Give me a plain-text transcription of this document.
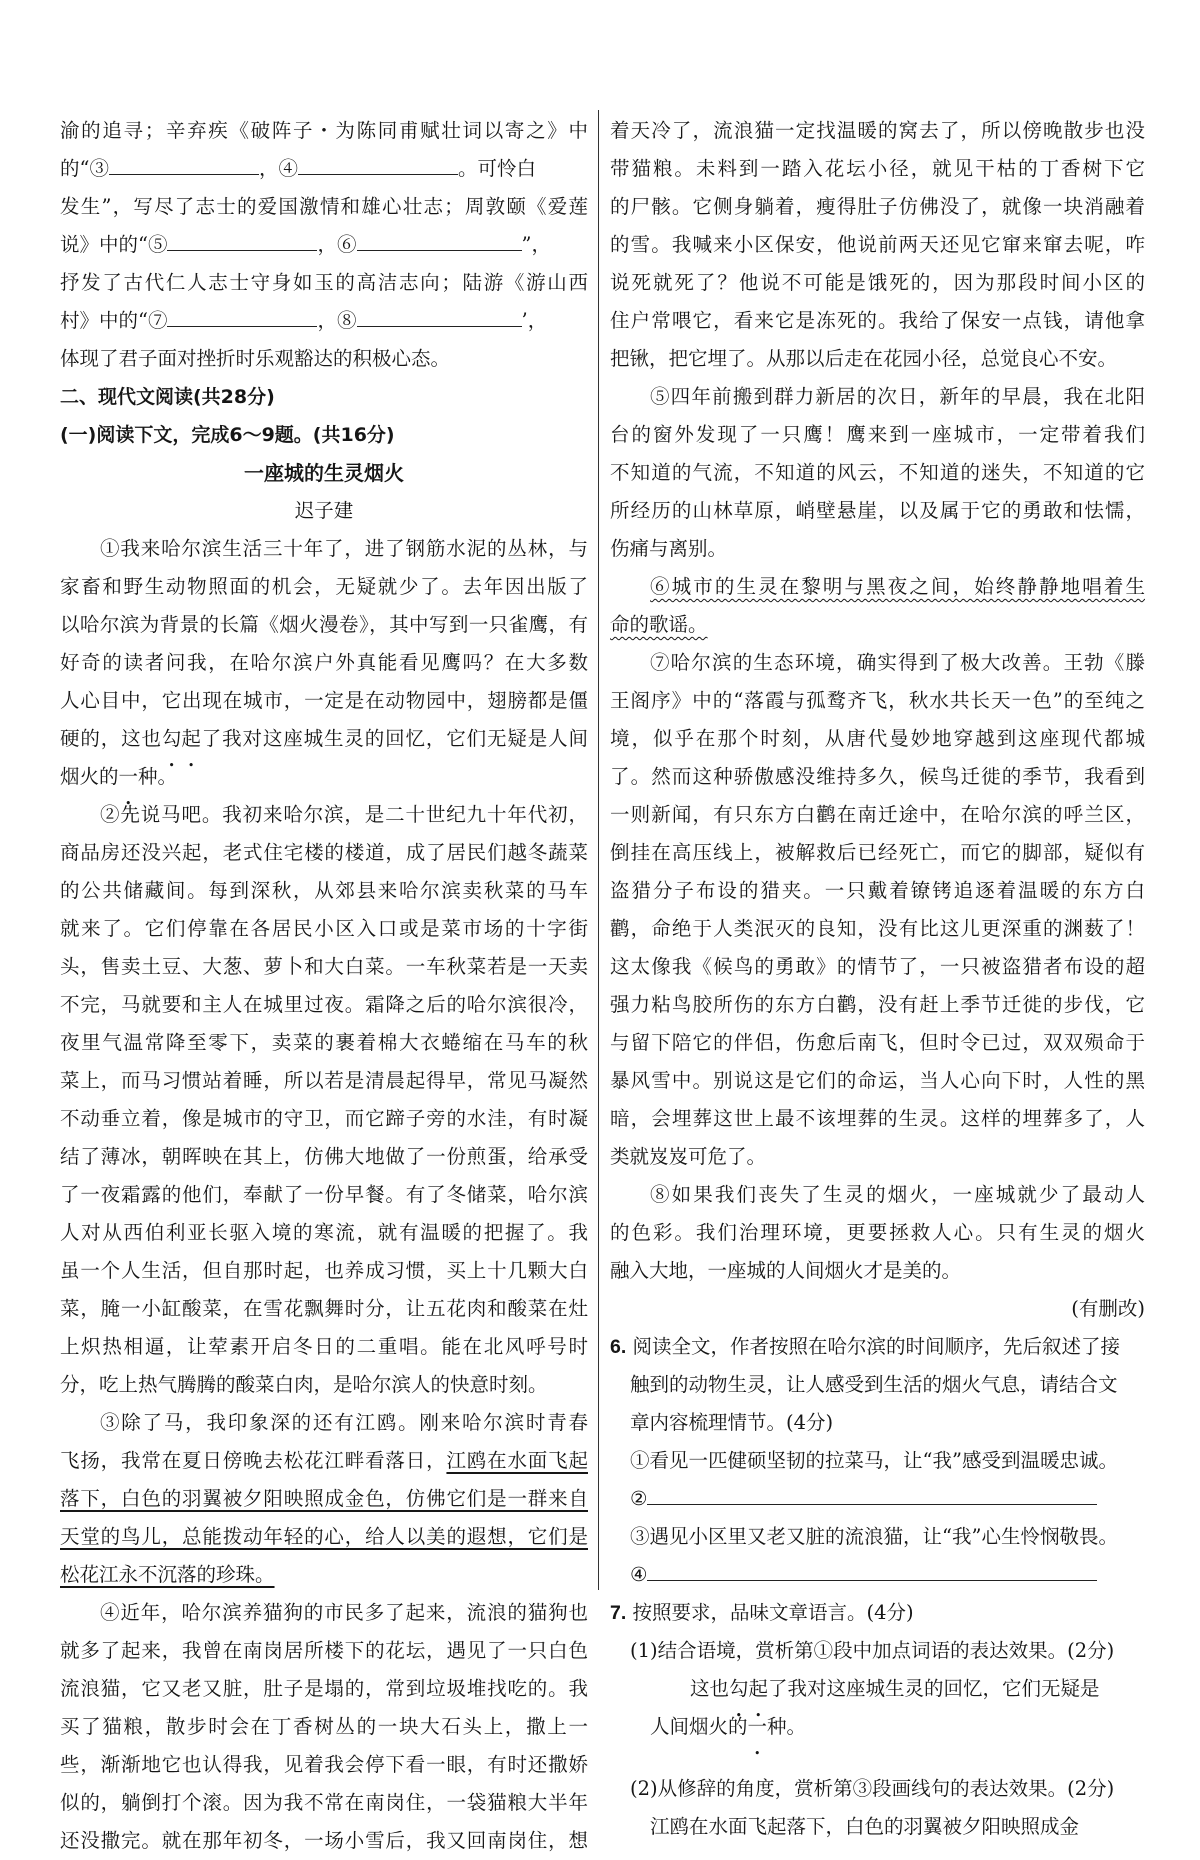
渝的追寻；辛弃疾《破阵子・为陈同甫赋壮词以寄之》中
的“③	，④	。可怜白
发生”，写尽了志士的爱国激情和雄心壮志；周敦颐《爱莲
说》中的“⑤	，⑥	”，
抒发了古代仁人志士守身如玉的高洁志向；陆游《游山西
村》中的“⑦	，⑧	’，
体现了君子面对挫折时乐观豁达的积极心态。
二、现代文阅读(共28分)
(一)阅读下文，完成6～9题。(共16分)
一座城的生灵烟火
迟子建
①我来哈尔滨生活三十年了，进了钢筋水泥的丛林，与
家畜和野生动物照面的机会，无疑就少了。去年因出版了
以哈尔滨为背景的长篇《烟火漫卷》，其中写到一只雀鹰，有
好奇的读者问我，在哈尔滨户外真能看见鹰吗？在大多数
人心目中，它出现在城市，一定是在动物园中，翅膀都是僵
硬的，这也勾起了我对这座城生灵的回忆，它们无疑是人间
烟火的一种。
②先说马吧。我初来哈尔滨，是二十世纪九十年代初，
商品房还没兴起，老式住宅楼的楼道，成了居民们越冬蔬菜
的公共储藏间。每到深秋，从郊县来哈尔滨卖秋菜的马车
就来了。它们停靠在各居民小区入口或是菜市场的十字街
头，售卖土豆、大葱、萝卜和大白菜。一车秋菜若是一天卖
不完，马就要和主人在城里过夜。霜降之后的哈尔滨很冷，
夜里气温常降至零下，卖菜的裹着棉大衣蜷缩在马车的秋
菜上，而马习惯站着睡，所以若是清晨起得早，常见马凝然
不动垂立着，像是城市的守卫，而它蹄子旁的水洼，有时凝
结了薄冰，朝晖映在其上，仿佛大地做了一份煎蛋，给承受
了一夜霜露的他们，奉献了一份早餐。有了冬储菜，哈尔滨
人对从西伯利亚长驱入境的寒流，就有温暖的把握了。我
虽一个人生活，但自那时起，也养成习惯，买上十几颗大白
菜，腌一小缸酸菜，在雪花飘舞时分，让五花肉和酸菜在灶
上炽热相逼，让荤素开启冬日的二重唱。能在北风呼号时
分，吃上热气腾腾的酸菜白肉，是哈尔滨人的快意时刻。
③除了马，我印象深的还有江鸥。刚来哈尔滨时青春
飞扬，我常在夏日傍晚去松花江畔看落日，江鸥在水面飞起
落下，白色的羽翼被夕阳映照成金色，仿佛它们是一群来自
天堂的鸟儿，总能拨动年轻的心，给人以美的遐想，它们是
松花江永不沉落的珍珠。
④近年，哈尔滨养猫狗的市民多了起来，流浪的猫狗也
就多了起来，我曾在南岗居所楼下的花坛，遇见了一只白色
流浪猫，它又老又脏，肚子是塌的，常到垃圾堆找吃的。我
买了猫粮，散步时会在丁香树丛的一块大石头上，撒上一
些，渐渐地它也认得我，见着我会停下看一眼，有时还撒娇
似的，躺倒打个滚。因为我不常在南岗住，一袋猫粮大半年
还没撒完。就在那年初冬，一场小雪后，我又回南岗住，想
着天冷了，流浪猫一定找温暖的窝去了，所以傍晚散步也没
带猫粮。未料到一踏入花坛小径，就见干枯的丁香树下它
的尸骸。它侧身躺着，瘦得肚子仿佛没了，就像一块消融着
的雪。我喊来小区保安，他说前两天还见它窜来窜去呢，咋
说死就死了？他说不可能是饿死的，因为那段时间小区的
住户常喂它，看来它是冻死的。我给了保安一点钱，请他拿
把锹，把它埋了。从那以后走在花园小径，总觉良心不安。
⑤四年前搬到群力新居的次日，新年的早晨，我在北阳
台的窗外发现了一只鹰！鹰来到一座城市，一定带着我们
不知道的气流，不知道的风云，不知道的迷失，不知道的它
所经历的山林草原，峭壁悬崖，以及属于它的勇敢和怯懦，
伤痛与离别。
⑥城市的生灵在黎明与黑夜之间，始终静静地唱着生
命的歌谣。
⑦哈尔滨的生态环境，确实得到了极大改善。王勃《滕
王阁序》中的“落霞与孤鹜齐飞，秋水共长天一色”的至纯之
境，似乎在那个时刻，从唐代曼妙地穿越到这座现代都城
了。然而这种骄傲感没维持多久，候鸟迁徙的季节，我看到
一则新闻，有只东方白鹳在南迁途中，在哈尔滨的呼兰区，
倒挂在高压线上，被解救后已经死亡，而它的脚部，疑似有
盗猎分子布设的猎夹。一只戴着镣铐追逐着温暖的东方白
鹳，命绝于人类泯灭的良知，没有比这儿更深重的渊薮了！
这太像我《候鸟的勇敢》的情节了，一只被盗猎者布设的超
强力粘鸟胶所伤的东方白鹳，没有赶上季节迁徙的步伐，它
与留下陪它的伴侣，伤愈后南飞，但时令已过，双双殒命于
暴风雪中。别说这是它们的命运，当人心向下时，人性的黑
暗，会埋葬这世上最不该埋葬的生灵。这样的埋葬多了，人
类就岌岌可危了。
⑧如果我们丧失了生灵的烟火，一座城就少了最动人
的色彩。我们治理环境，更要拯救人心。只有生灵的烟火
融入大地，一座城的人间烟火才是美的。
(有删改)
6. 阅读全文，作者按照在哈尔滨的时间顺序，先后叙述了接
触到的动物生灵，让人感受到生活的烟火气息，请结合文
章内容梳理情节。(4分)
①看见一匹健硕坚韧的拉菜马，让“我”感受到温暖忠诚。
②
③遇见小区里又老又脏的流浪猫，让“我”心生怜悯敬畏。
④
7. 按照要求，品味文章语言。(4分)
(1)结合语境，赏析第①段中加点词语的表达效果。(2分)
这也勾起了我对这座城生灵的回忆，它们无疑是
人间烟火的一种。
(2)从修辞的角度，赏析第③段画线句的表达效果。(2分)
江鸥在水面飞起落下，白色的羽翼被夕阳映照成金
